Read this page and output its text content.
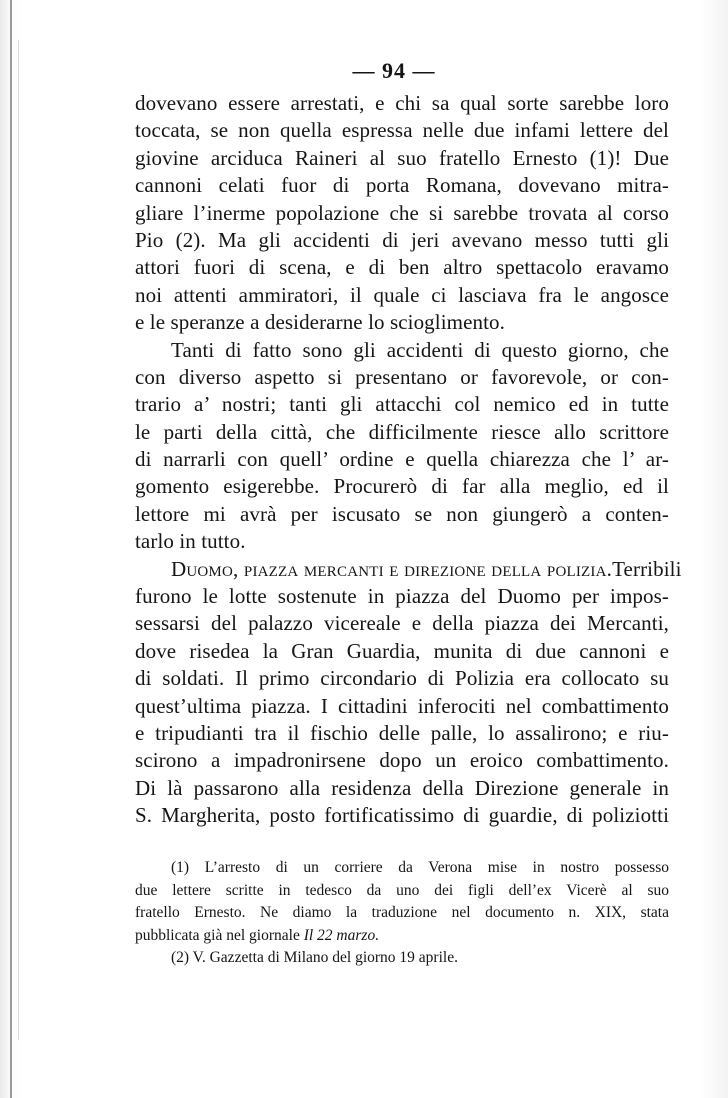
— 94 —
dovevano essere arrestati, e chi sa qual sorte sarebbe loro
toccata, se non quella espressa nelle due infami lettere del
giovine arciduca Raineri al suo fratello Ernesto (1)! Due
cannoni celati fuor di porta Romana, dovevano mitra-
gliare l’inerme popolazione che si sarebbe trovata al corso
Pio (2). Ma gli accidenti di jeri avevano messo tutti gli
attori fuori di scena, e di ben altro spettacolo eravamo
noi attenti ammiratori, il quale ci lasciava fra le angosce
e le speranze a desiderarne lo scioglimento.
Tanti di fatto sono gli accidenti di questo giorno, che
con diverso aspetto si presentano or favorevole, or con-
trario a’ nostri; tanti gli attacchi col nemico ed in tutte
le parti della città, che difficilmente riesce allo scrittore
di narrarli con quell’ ordine e quella chiarezza che l’ ar-
gomento esigerebbe. Procurerò di far alla meglio, ed il
lettore mi avrà per iscusato se non giungerò a conten-
tarlo in tutto.
Duomo, piazza mercanti e direzione della polizia.Terribili
furono le lotte sostenute in piazza del Duomo per impos-
sessarsi del palazzo vicereale e della piazza dei Mercanti,
dove risedea la Gran Guardia, munita di due cannoni e
di soldati. Il primo circondario di Polizia era collocato su
quest’ultima piazza. I cittadini inferociti nel combattimento
e tripudianti tra il fischio delle palle, lo assalirono; e riu-
scirono a impadronirsene dopo un eroico combattimento.
Di là passarono alla residenza della Direzione generale in
S. Margherita, posto fortificatissimo di guardie, di poliziotti
(1) L’arresto di un corriere da Verona mise in nostro possesso
due lettere scritte in tedesco da uno dei figli dell’ex Vicerè al suo
fratello Ernesto. Ne diamo la traduzione nel documento n. XIX, stata
pubblicata già nel giornale Il 22 marzo.
(2) V. Gazzetta di Milano del giorno 19 aprile.
